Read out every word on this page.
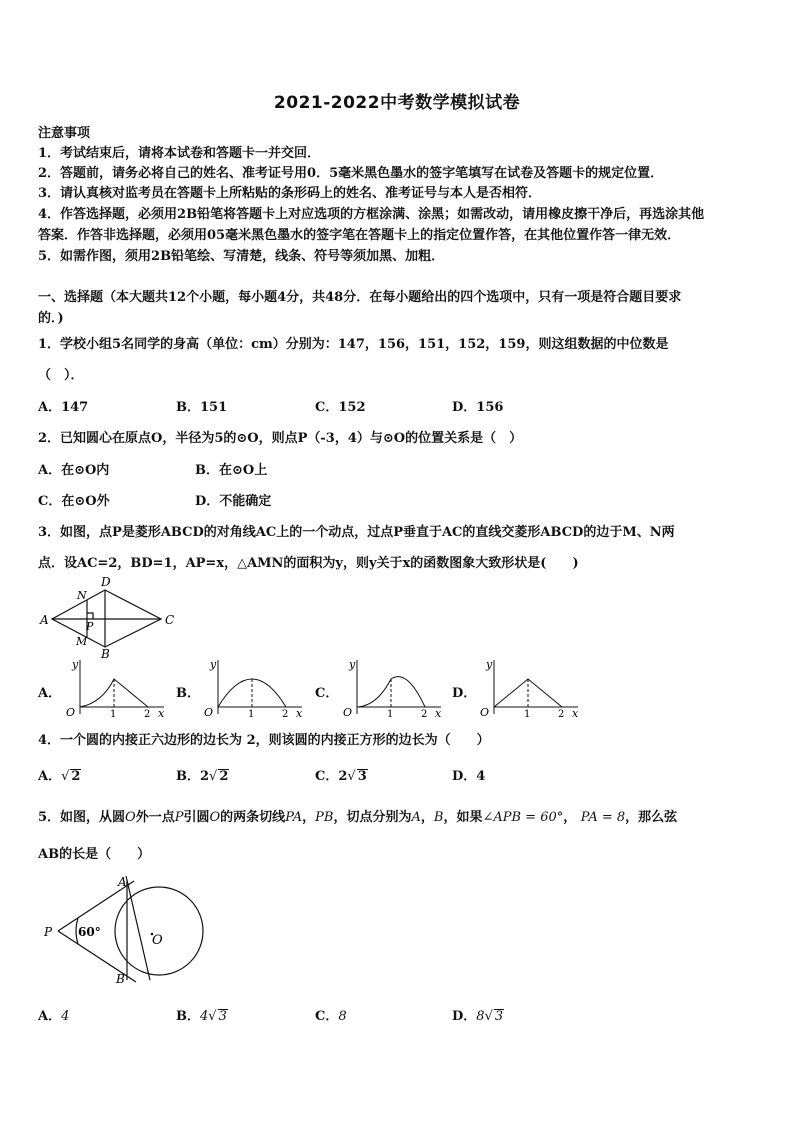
2021-2022中考数学模拟试卷
注意事项
1．考试结束后，请将本试卷和答题卡一并交回．
2．答题前，请务必将自己的姓名、准考证号用0．5毫米黑色墨水的签字笔填写在试卷及答题卡的规定位置．
3．请认真核对监考员在答题卡上所粘贴的条形码上的姓名、准考证号与本人是否相符．
4．作答选择题，必须用2B铅笔将答题卡上对应选项的方框涂满、涂黑；如需改动，请用橡皮擦干净后，再选涂其他
答案．作答非选择题，必须用05毫米黑色墨水的签字笔在答题卡上的指定位置作答，在其他位置作答一律无效．
5．如需作图，须用2B铅笔绘、写清楚，线条、符号等须加黑、加粗．
一、选择题（本大题共12个小题，每小题4分，共48分．在每小题给出的四个选项中，只有一项是符合题目要求
的．)
1．学校小组5名同学的身高（单位：cm）分别为：147，156，151，152，159，则这组数据的中位数是
（　）．
A．147	B．151	C．152	D．156
2．已知圆心在原点O，半径为5的⊙O，则点P（-3，4）与⊙O的位置关系是（　）
A．在⊙O内	B．在⊙O上
C．在⊙O外	D．不能确定
3．如图，点P是菱形ABCD的对角线AC上的一个动点，过点P垂直于AC的直线交菱形ABCD的边于M、N两
点．设AC=2，BD=1，AP=x，△AMN的面积为y，则y关于x的函数图象大致形状是(　　)
A
D
C
B
N
P
M
A．
y
O	1	2 x
B．
y
O	1	2 x
C．
y
O	1	2 x
D．
y
O	1	2 x
4．一个圆的内接正六边形的边长为 2，则该圆的内接正方形的边长为（　　）
A．√ 2	B．2√ 2	C．2√ 3	D．4
5．如图，从圆O外一点P引圆O的两条切线PA，PB，切点分别为A，B，如果∠APB = 60°， PA = 8，那么弦
AB的长是（　　）
A
B
P
O
60°
A．4	B．4√ 3	C．8	D．8√ 3
